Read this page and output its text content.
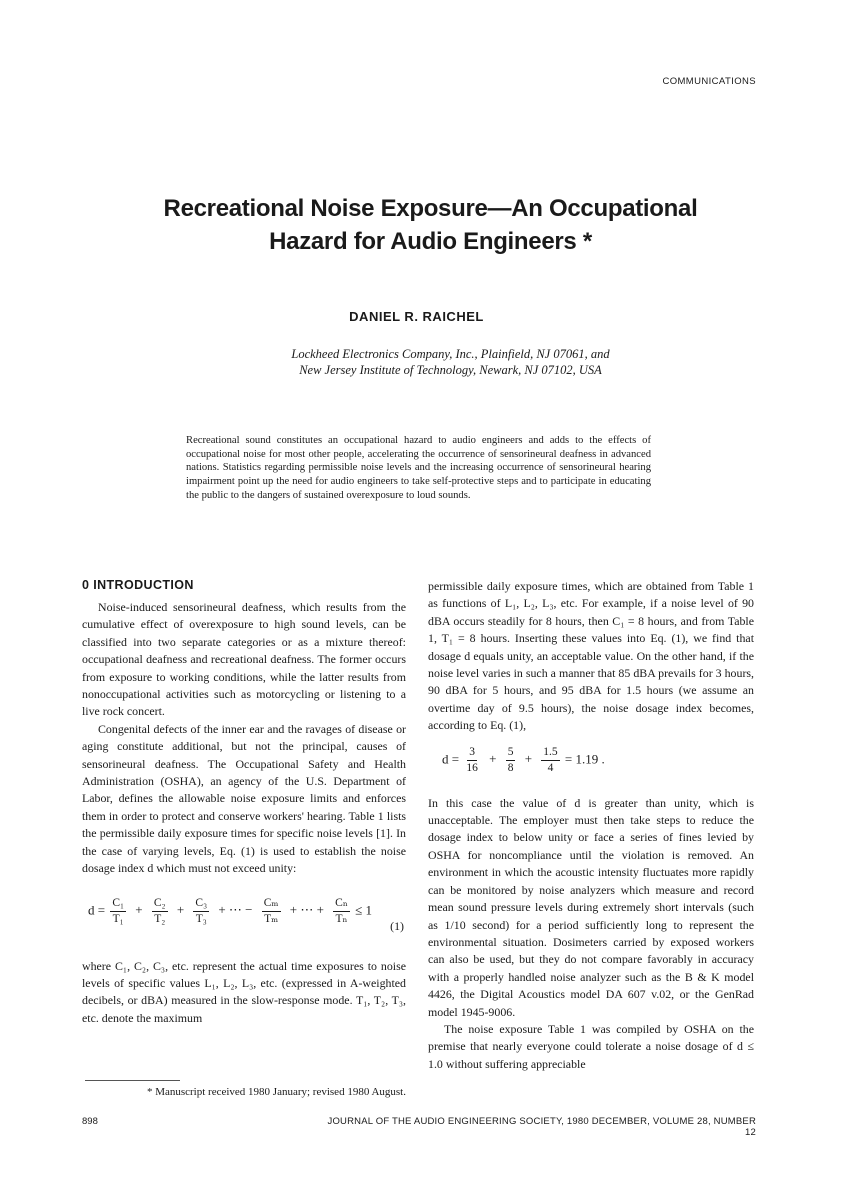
COMMUNICATIONS
Recreational Noise Exposure—An Occupational
Hazard for Audio Engineers *
DANIEL R. RAICHEL
Lockheed Electronics Company, Inc., Plainfield, NJ 07061, and
New Jersey Institute of Technology, Newark, NJ 07102, USA
Recreational sound constitutes an occupational hazard to audio engineers and adds to the effects of occupational noise for most other people, accelerating the occurrence of sensorineural deafness in advanced nations. Statistics regarding permissible noise levels and the increasing occurrence of sensorineural hearing impairment point up the need for audio engineers to take self-protective steps and to participate in educating the public to the dangers of sustained overexposure to loud sounds.
0 INTRODUCTION

Noise-induced sensorineural deafness, which results from the cumulative effect of overexposure to high sound levels, can be classified into two separate categories or as a mixture thereof: occupational deafness and recreational deafness. The former occurs from exposure to working conditions, while the latter results from nonoccupational activities such as motorcycling or listening to a live rock concert.

Congenital defects of the inner ear and the ravages of disease or aging constitute additional, but not the principal, causes of sensorineural deafness. The Occupational Safety and Health Administration (OSHA), an agency of the U.S. Department of Labor, defines the allowable noise exposure limits and enforces them in order to protect and conserve workers' hearing. Table 1 lists the permissible daily exposure times for specific noise levels [1]. In the case of varying levels, Eq. (1) is used to establish the noise dosage index d which must not exceed unity:

$d = \frac{\text{C₁}}{\text{T₁}} + \frac{\text{C₂}}{\text{T₂}} + \frac{\text{C₃}}{\text{T₃}}$ + ⋯ − $\frac{\text{Cₘ}}{\text{Tₘ}}$ + ⋯ + $\frac{\text{Cₙ}}{\text{Tₙ}} \le 1$
(1)

where C₁, C₂, C₃, etc. represent the actual time exposures to noise levels of specific values L₁, L₂, L₃, etc. (expressed in A-weighted decibels, or dBA) measured in the slow-response mode. T₁, T₂, T₃, etc. denote the maximum

permissible daily exposure times, which are obtained from Table 1 as functions of L₁, L₂, L₃, etc. For example, if a noise level of 90 dBA occurs steadily for 8 hours, then C₁ = 8 hours, and from Table 1, T₁ = 8 hours. Inserting these values into Eq. (1), we find that dosage d equals unity, an acceptable value. On the other hand, if the noise level varies in such a manner that 85 dBA prevails for 3 hours, 90 dBA for 5 hours, and 95 dBA for 1.5 hours (we assume an overtime day of 9.5 hours), the noise dosage index becomes, according to Eq. (1),

$d = \frac{3}{16} + \frac{5}{8} + \frac{1.5}{4} = 1.19$ .

In this case the value of d is greater than unity, which is unacceptable. The employer must then take steps to reduce the dosage index to below unity or face a series of fines levied by OSHA for noncompliance until the violation is removed. An environment in which the acoustic intensity fluctuates more rapidly can be monitored by noise analyzers which measure and record mean sound pressure levels during extremely short intervals (such as 1/10 second) for a period sufficiently long to represent the environmental situation. Dosimeters carried by exposed workers can also be used, but they do not compare favorably in accuracy with a properly handled noise analyzer such as the B & K model 4426, the Digital Acoustics model DA 607 v.02, or the GenRad model 1945-9006.

The noise exposure Table 1 was compiled by OSHA on the premise that nearly everyone could tolerate a noise dosage of d ≤ 1.0 without suffering appreciable

* Manuscript received 1980 January; revised 1980 August.
898	JOURNAL OF THE AUDIO ENGINEERING SOCIETY, 1980 DECEMBER, VOLUME 28, NUMBER 12
